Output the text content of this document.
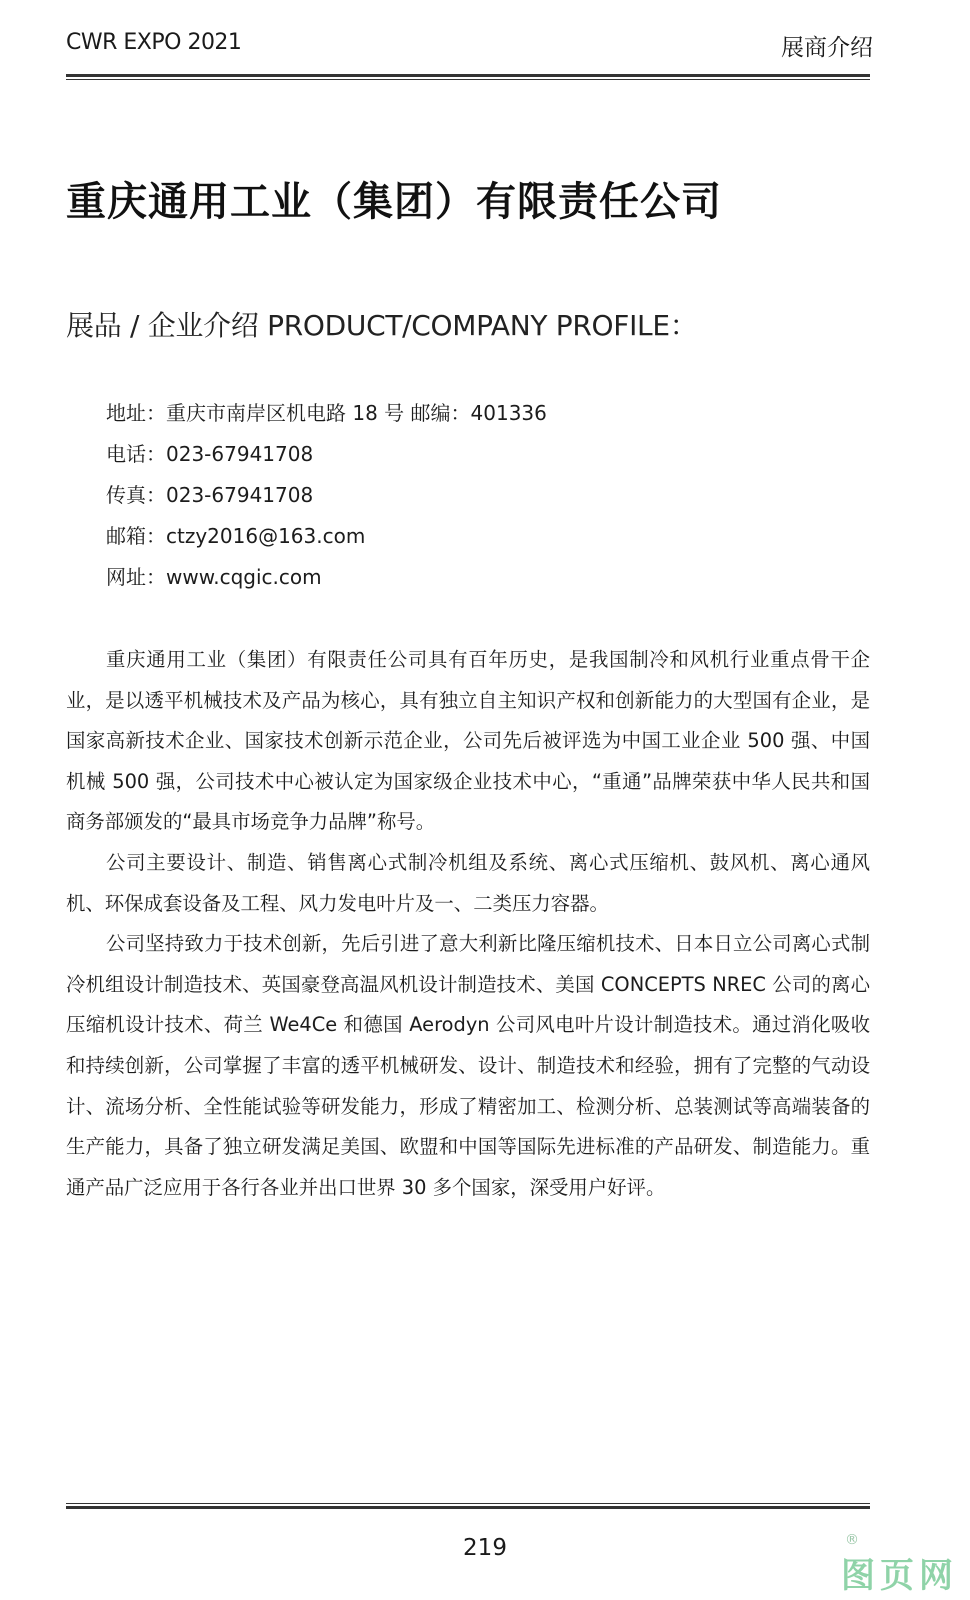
CWR EXPO 2021	展商介绍
重庆通用工业（集团）有限责任公司
展品 / 企业介绍 PRODUCT/COMPANY PROFILE：
地址：重庆市南岸区机电路 18 号 邮编：401336
电话：023-67941708
传真：023-67941708
邮箱：ctzy2016@163.com
网址：www.cqgic.com

重庆通用工业（集团）有限责任公司具有百年历史，是我国制冷和风机行业重点骨干企业，是以透平机械技术及产品为核心，具有独立自主知识产权和创新能力的大型国有企业，是国家高新技术企业、国家技术创新示范企业，公司先后被评选为中国工业企业 500 强、中国机械 500 强，公司技术中心被认定为国家级企业技术中心，“重通”品牌荣获中华人民共和国商务部颁发的“最具市场竞争力品牌”称号。

公司主要设计、制造、销售离心式制冷机组及系统、离心式压缩机、鼓风机、离心通风机、环保成套设备及工程、风力发电叶片及一、二类压力容器。

公司坚持致力于技术创新，先后引进了意大利新比隆压缩机技术、日本日立公司离心式制冷机组设计制造技术、英国豪登高温风机设计制造技术、美国 CONCEPTS NREC 公司的离心压缩机设计技术、荷兰 We4Ce 和德国 Aerodyn 公司风电叶片设计制造技术。通过消化吸收和持续创新，公司掌握了丰富的透平机械研发、设计、制造技术和经验，拥有了完整的气动设计、流场分析、全性能试验等研发能力，形成了精密加工、检测分析、总装测试等高端装备的生产能力，具备了独立研发满足美国、欧盟和中国等国际先进标准的产品研发、制造能力。重通产品广泛应用于各行各业并出口世界 30 多个国家，深受用户好评。

219	®
图页网
